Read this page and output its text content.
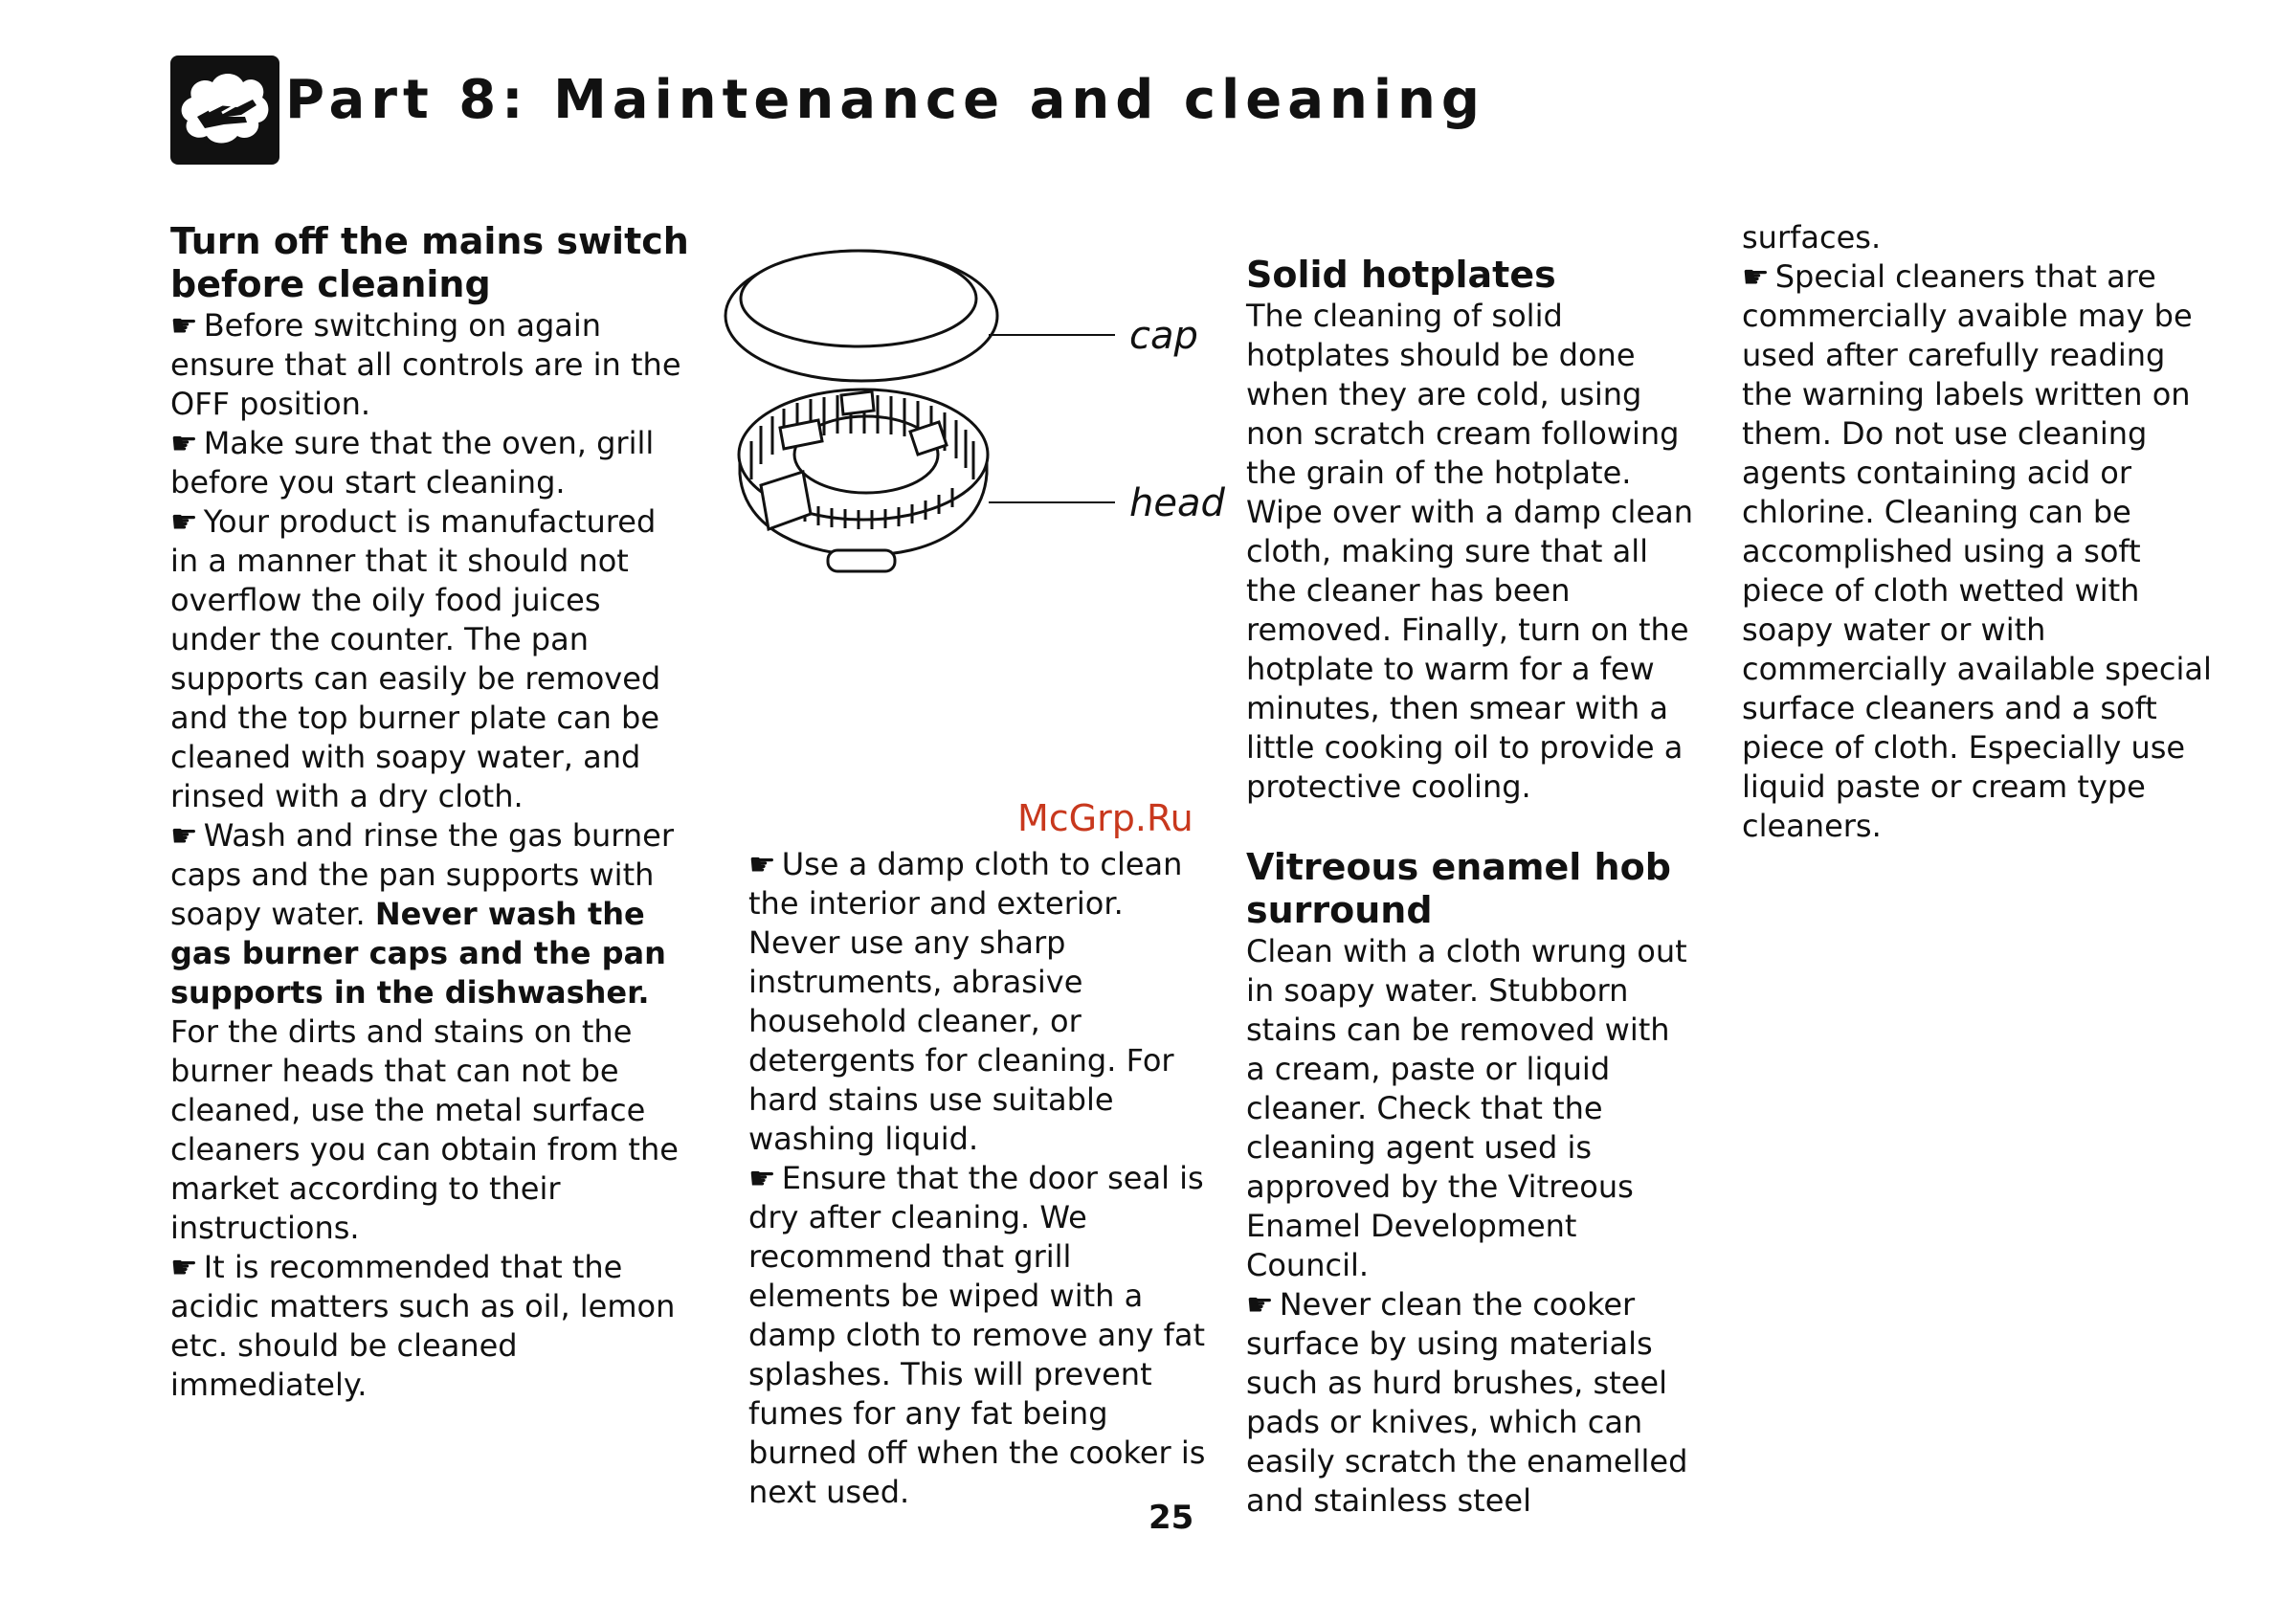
Part 8: Maintenance and cleaning
Turn off the mains switch before cleaning

☛ Before switching on again ensure that all controls are in the OFF position.

☛ Make sure that the oven, grill before you start cleaning.

☛ Your product is manufactured in a manner that it should not overflow the oily food juices under the counter. The pan supports can easily be removed and the top burner plate can be cleaned with soapy water, and rinsed with a dry cloth.

☛ Wash and rinse the gas burner caps and the pan supports with soapy water. Never wash the gas burner caps and the pan supports in the dishwasher. For the dirts and stains on the burner heads that can not be cleaned, use the metal surface cleaners you can obtain from the market according to their instructions.

☛ It is recommended that the acidic matters such as oil, lemon etc. should be cleaned immediately.

cap

head

McGrp.Ru

☛ Use a damp cloth to clean the interior and exterior. Never use any sharp instruments, abrasive household cleaner, or detergents for cleaning. For hard stains use suitable washing liquid.

☛ Ensure that the door seal is dry after cleaning. We recommend that grill elements be wiped with a damp cloth to remove any fat splashes. This will prevent fumes for any fat being burned off when the cooker is next used.

Solid hotplates

The cleaning of solid hotplates should be done when they are cold, using non scratch cream following the grain of the hotplate. Wipe over with a damp clean cloth, making sure that all the cleaner has been removed. Finally, turn on the hotplate to warm for a few minutes, then smear with a little cooking oil to provide a protective cooling.

Vitreous enamel hob surround

Clean with a cloth wrung out in soapy water. Stubborn stains can be removed with a cream, paste or liquid cleaner. Check that the cleaning agent used is approved by the Vitreous Enamel Development Council.

☛ Never clean the cooker surface by using materials such as hurd brushes, steel pads or knives, which can easily scratch the enamelled and stainless steel

surfaces.

☛ Special cleaners that are commercially avaible may be used after carefully reading the warning labels written on them. Do not use cleaning agents containing acid or chlorine. Cleaning can be accomplished using a soft piece of cloth wetted with soapy water or with commercially available special surface cleaners and a soft piece of cloth. Especially use liquid paste or cream type cleaners.

25
